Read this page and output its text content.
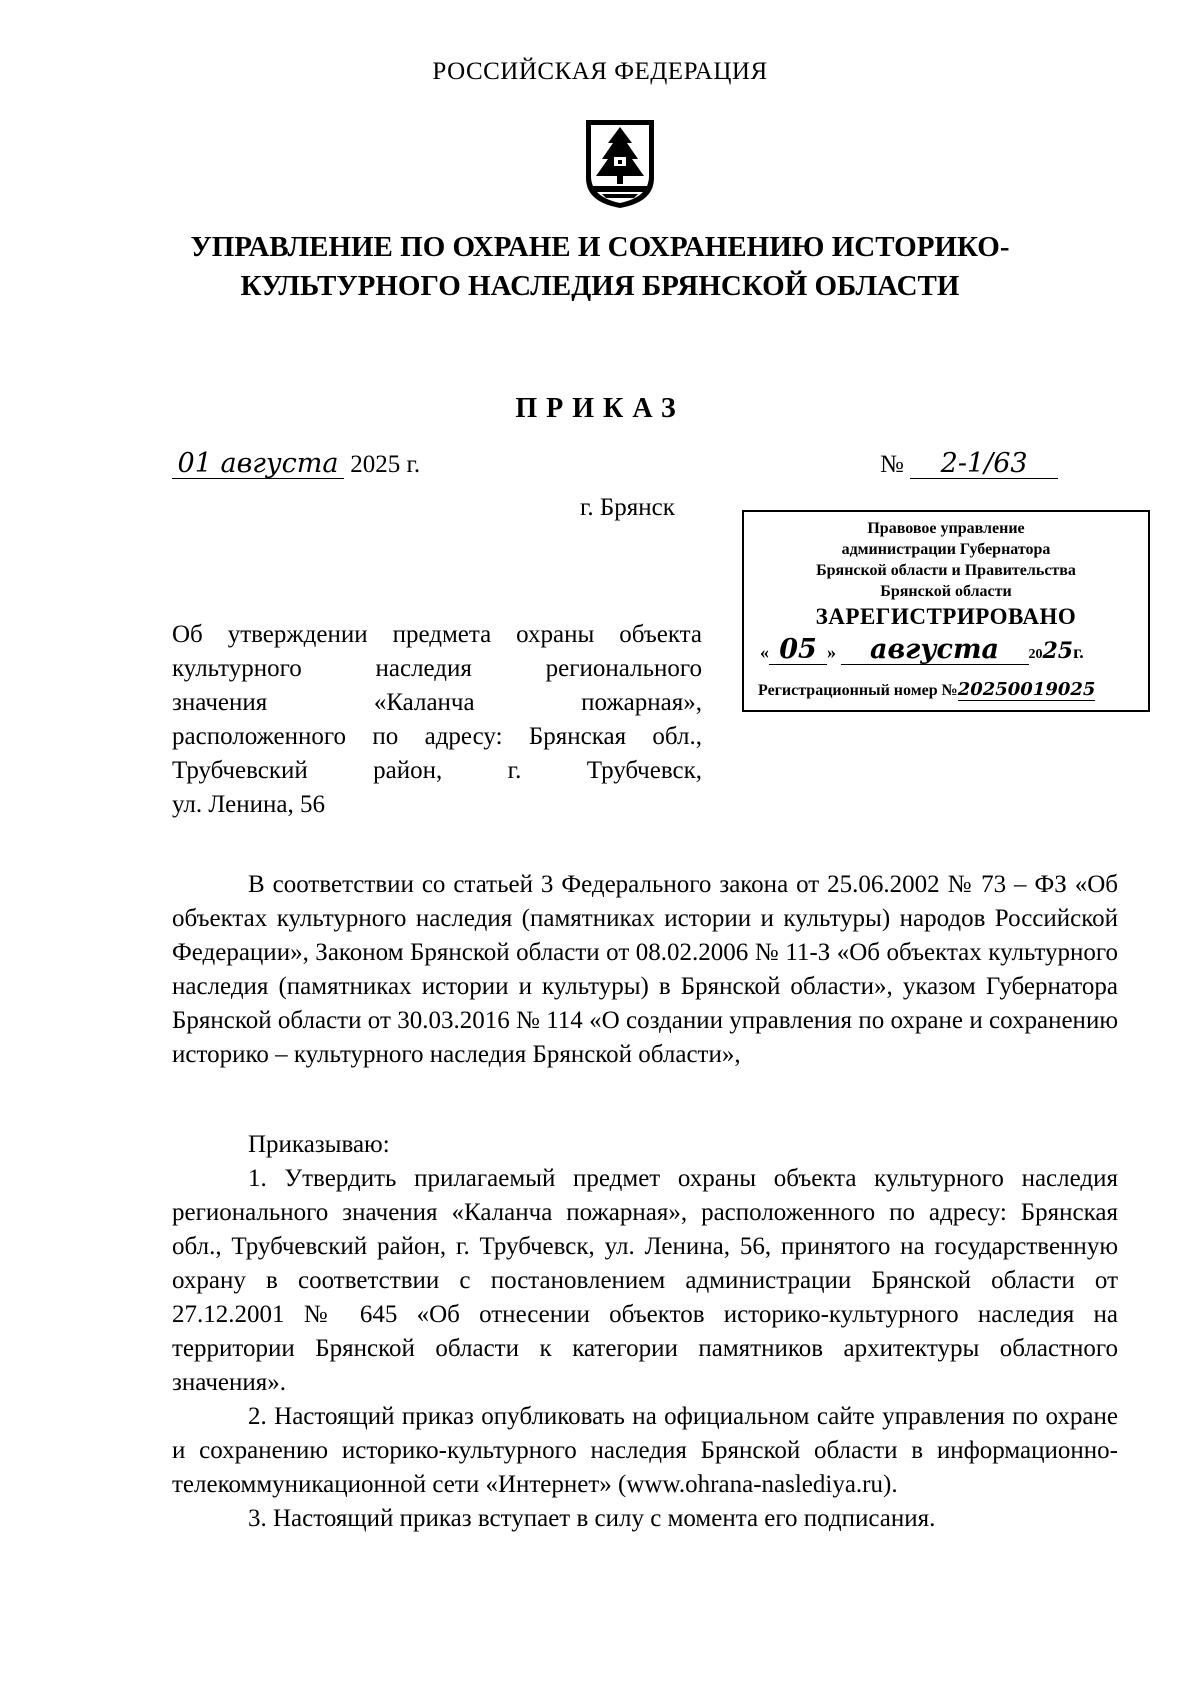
РОССИЙСКАЯ ФЕДЕРАЦИЯ
УПРАВЛЕНИЕ ПО ОХРАНЕ И СОХРАНЕНИЮ ИСТОРИКО-
КУЛЬТУРНОГО НАСЛЕДИЯ БРЯНСКОЙ ОБЛАСТИ
ПРИКАЗ
01 августа 2025 г.	№ 2-1/63
г. Брянск
Правовое управление
администрации Губернатора
Брянской области и Правительства
Брянской области
ЗАРЕГИСТРИРОВАНО
« 05 » августа 2025г.
Регистрационный номер №20250019025
Об утверждении предмета охраны объекта
культурного наследия регионального
значения «Каланча пожарная»,
расположенного по адресу: Брянская обл.,
Трубчевский район, г. Трубчевск,
ул. Ленина, 56
В соответствии со статьей 3 Федерального закона от 25.06.2002 № 73 – ФЗ «Об объектах культурного наследия (памятниках истории и культуры) народов Российской Федерации», Законом Брянской области от 08.02.2006 № 11-З «Об объектах культурного наследия (памятниках истории и культуры) в Брянской области», указом Губернатора Брянской области от 30.03.2016 № 114 «О создании управления по охране и сохранению историко – культурного наследия Брянской области»,
Приказываю:
1. Утвердить прилагаемый предмет охраны объекта культурного наследия регионального значения «Каланча пожарная», расположенного по адресу: Брянская обл., Трубчевский район, г. Трубчевск, ул. Ленина, 56, принятого на государственную охрану в соответствии с постановлением администрации Брянской области от 27.12.2001 № 645 «Об отнесении объектов историко-культурного наследия на территории Брянской области к категории памятников архитектуры областного значения».
2. Настоящий приказ опубликовать на официальном сайте управления по охране и сохранению историко-культурного наследия Брянской области в информационно-телекоммуникационной сети «Интернет» (www.ohrana-naslediya.ru).
3. Настоящий приказ вступает в силу с момента его подписания.
